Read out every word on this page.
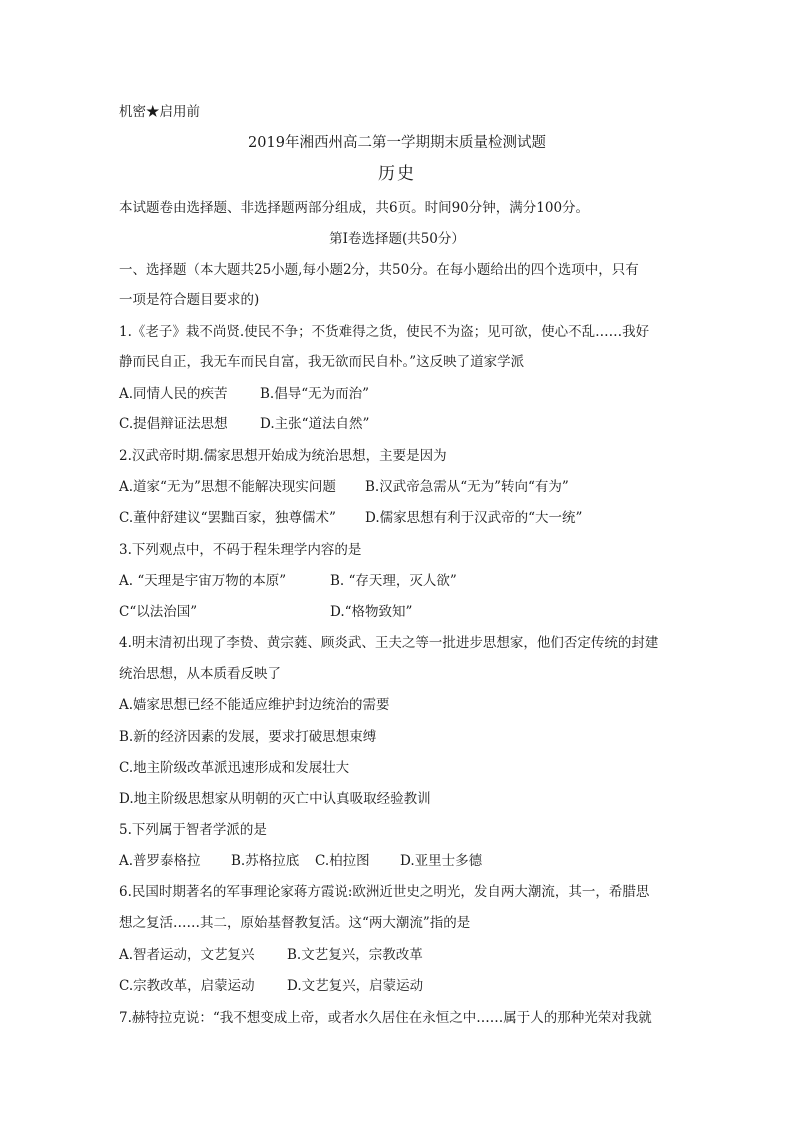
机密★启用前
2019年湘西州高二第一学期期末质量检测试题
历史
本试题卷由选择题、非选择题两部分组成，共6页。时间90分钟，满分100分。
第I卷选择题(共50分）
一、选择题（本大题共25小题,每小题2分，共50分。在每小题给出的四个选项中，只有
一项是符合题目要求的)
1.《老子》栽不尚贤.使民不争；不货难得之货，使民不为盗；见可欲，使心不乱……我好
静而民自正，我无车而民自富，我无欲而民自朴。”这反映了道家学派
A.同情人民的疾苦 B.倡导“无为而治”
C.提倡辩证法思想 D.主张“道法自然”
2.汉武帝时期.儒家思想开始成为统治思想，主要是因为
A.道家“无为”思想不能解决现实问题 B.汉武帝急需从“无为”转向“有为”
C.董仲舒建议“罢黜百家，独尊儒术” D.儒家思想有利于汉武帝的“大一统”
3.下列观点中，不码于程朱理学内容的是
A. “天理是宇宙万物的本原”	B. “存天理，灭人欲”
C“以法治国”	D.“格物致知”
4.明末清初出现了李贽、黄宗蕤、顾炎武、王夫之等一批进步思想家，他们否定传统的封建
统治思想，从本质看反映了
A.嫱家思想已经不能适应维护封边统治的需要
B.新的经济因素的发展，要求打破思想束缚
C.地主阶级改革派迅速形成和发展壮大
D.地主阶级思想家从明朝的灭亡中认真吸取经验教训
5.下列属于智者学派的是
A.普罗泰格拉 B.苏格拉底 C.柏拉图 D.亚里士多德
6.民国时期著名的军事理论家蒋方霞说:欧洲近世史之明光，发自两大潮流，其一，希腊思
想之复活……其二，原始基督教复活。这“两大潮流”指的是
A.智者运动，文艺复兴 B.文艺复兴，宗教改革
C.宗教改革，启蒙运动 D.文艺复兴，启蒙运动
7.赫特拉克说：“我不想变成上帝，或者水久居住在永恒之中……属于人的那种光荣对我就
